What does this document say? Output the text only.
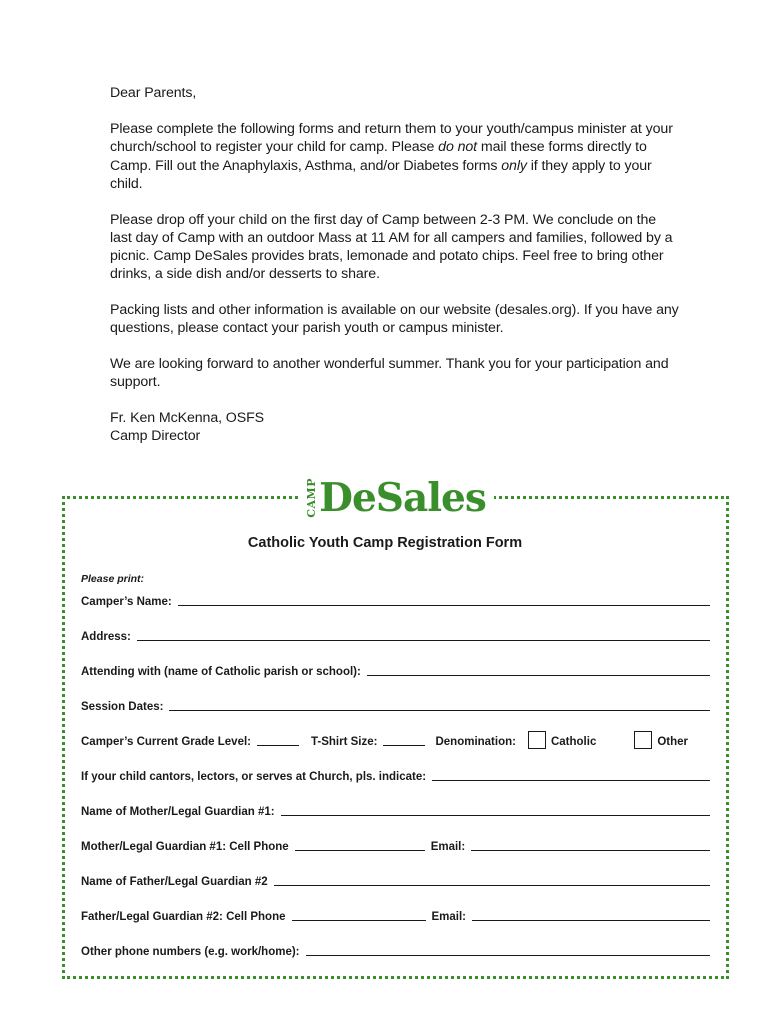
Dear Parents,

Please complete the following forms and return them to your youth/campus minister at your church/school to register your child for camp. Please do not mail these forms directly to Camp. Fill out the Anaphylaxis, Asthma, and/or Diabetes forms only if they apply to your child.

Please drop off your child on the first day of Camp between 2-3 PM. We conclude on the last day of Camp with an outdoor Mass at 11 AM for all campers and families, followed by a picnic. Camp DeSales provides brats, lemonade and potato chips. Feel free to bring other drinks, a side dish and/or desserts to share.

Packing lists and other information is available on our website (desales.org). If you have any questions, please contact your parish youth or campus minister.

We are looking forward to another wonderful summer. Thank you for your participation and support.

Fr. Ken McKenna, OSFS

Camp Director

CAMP DeSales
Catholic Youth Camp Registration Form
Please print:
Camper’s Name:
Address:
Attending with (name of Catholic parish or school):
Session Dates:
Camper’s Current Grade Level:	T-Shirt Size:	Denomination:	Catholic	Other
If your child cantors, lectors, or serves at Church, pls. indicate:
Name of Mother/Legal Guardian #1:
Mother/Legal Guardian #1: Cell Phone	Email:
Name of Father/Legal Guardian #2
Father/Legal Guardian #2: Cell Phone	Email:
Other phone numbers (e.g. work/home):
